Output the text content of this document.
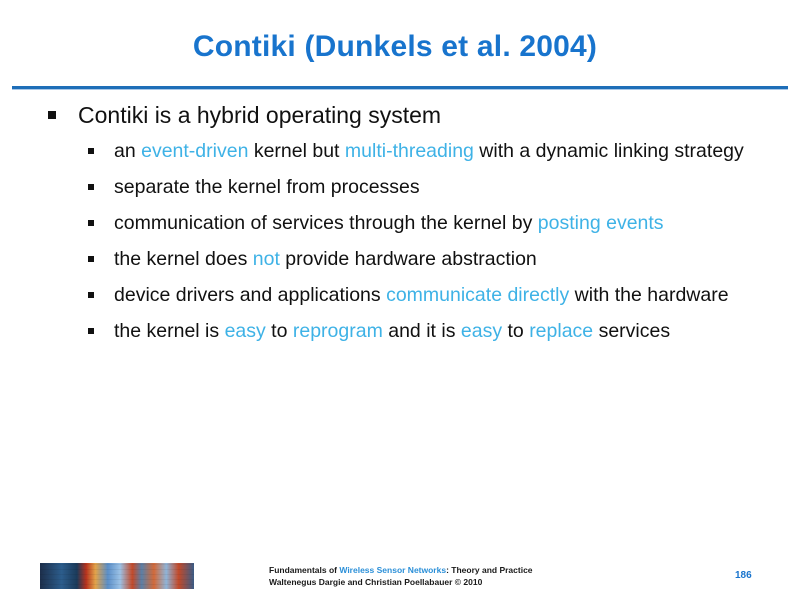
Contiki (Dunkels et al. 2004)
Contiki is a hybrid operating system
an event-driven kernel but multi-threading with a dynamic linking strategy
separate the kernel from processes
communication of services through the kernel by posting events
the kernel does not provide hardware abstraction
device drivers and applications communicate directly with the hardware
the kernel is easy to reprogram and it is easy to replace services
Fundamentals of Wireless Sensor Networks: Theory and Practice
Waltenegus Dargie and Christian Poellabauer © 2010
186
